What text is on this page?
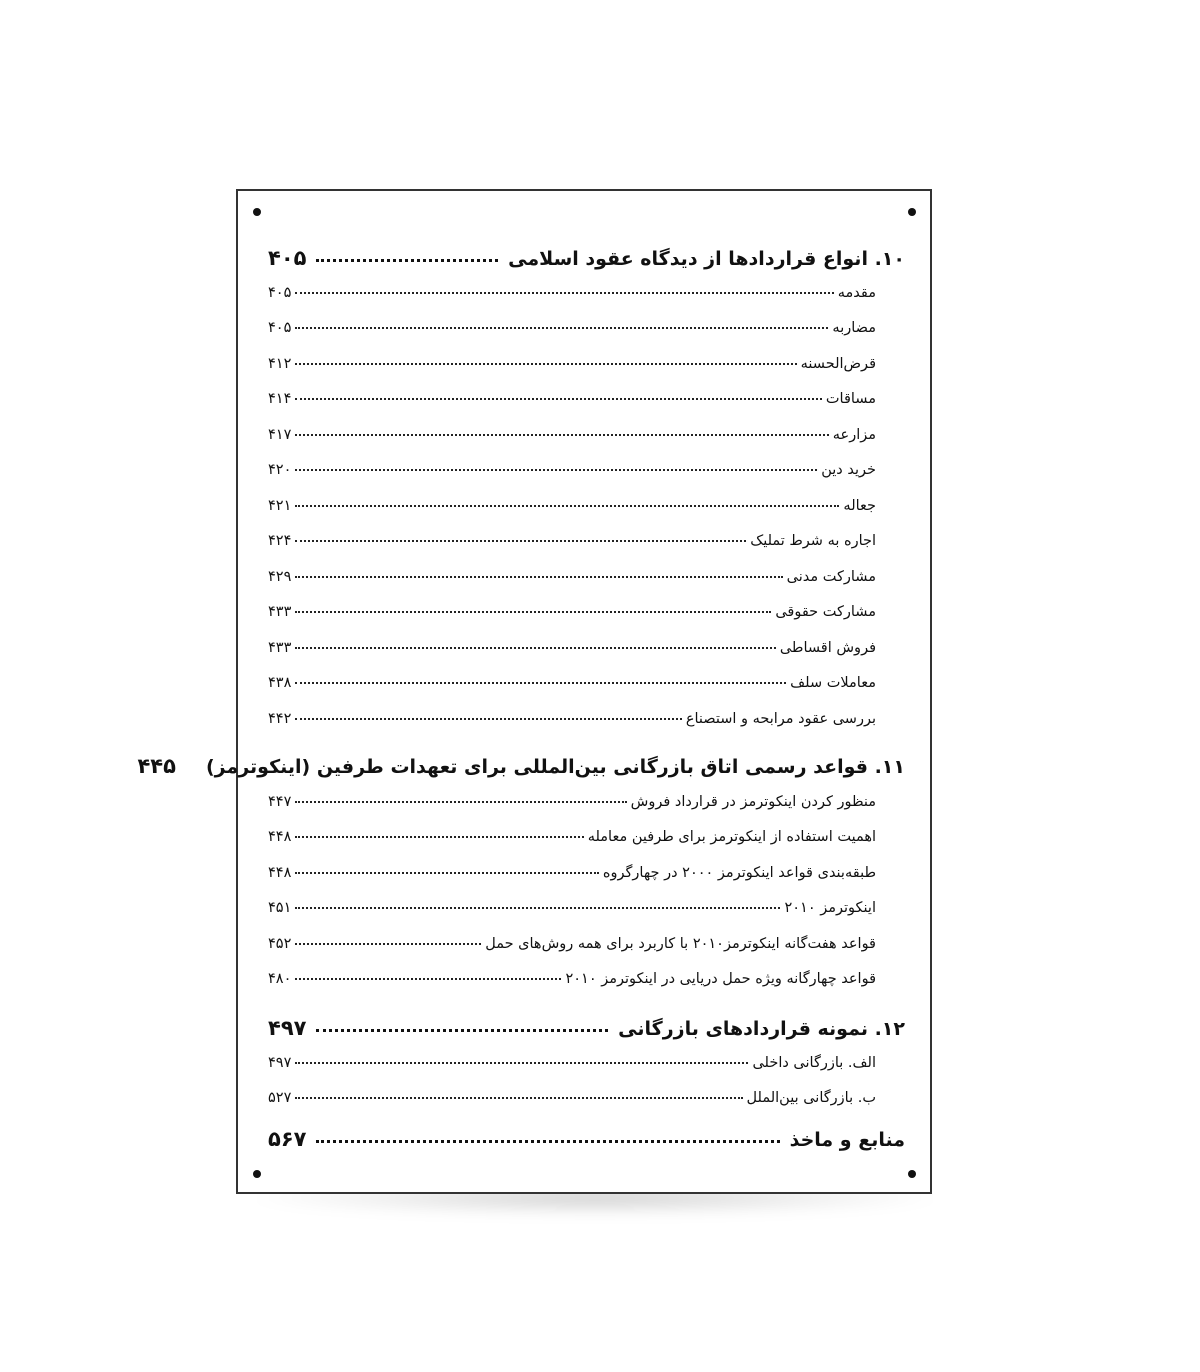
۱۰. انواع قراردادها از دیدگاه عقود اسلامی
۴۰۵
مقدمه
۴۰۵
مضاربه
۴۰۵
قرض‌الحسنه
۴۱۲
مساقات
۴۱۴
مزارعه
۴۱۷
خرید دین
۴۲۰
جعاله
۴۲۱
اجاره به شرط تملیک
۴۲۴
مشارکت مدنی
۴۲۹
مشارکت حقوقی
۴۳۳
فروش اقساطی
۴۳۳
معاملات سلف
۴۳۸
بررسی عقود مرابحه و استصناع
۴۴۲
۱۱. قواعد رسمی اتاق بازرگانی بین‌المللی برای تعهدات طرفین (اینکوترمز)
۴۴۵
منظور کردن اینکوترمز در قرارداد فروش
۴۴۷
اهمیت استفاده از اینکوترمز برای طرفین معامله
۴۴۸
طبقه‌بندی قواعد اینکوترمز ۲۰۰۰ در چهارگروه
۴۴۸
اینکوترمز ۲۰۱۰
۴۵۱
قواعد هفت‌گانه اینکوترمز۲۰۱۰ با کاربرد برای همه روش‌های حمل
۴۵۲
قواعد چهارگانه ویژه حمل دریایی در اینکوترمز ۲۰۱۰
۴۸۰
۱۲. نمونه قراردادهای بازرگانی
۴۹۷
الف. بازرگانی داخلی
۴۹۷
ب. بازرگانی بین‌الملل
۵۲۷
منابع و ماخذ
۵۶۷
